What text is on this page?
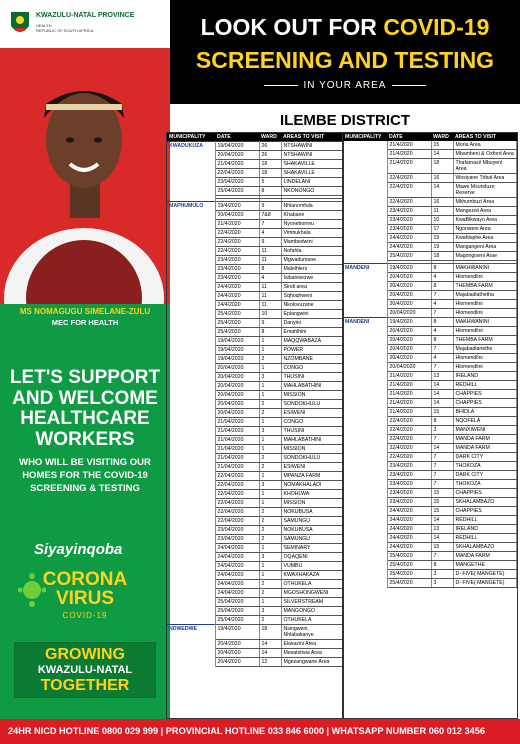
KWAZULU-NATAL PROVINCE
HEALTH
REPUBLIC OF SOUTH AFRICA
MS NOMAGUGU SIMELANE-ZULU
MEC FOR HEALTH
LET'S SUPPORT
AND WELCOME
HEALTHCARE
WORKERS
WHO WILL BE VISITING OUR
HOMES FOR THE COVID-19
SCREENING & TESTING
Siyayinqoba
CORONA
VIRUS
COVID-19
GROWING
KWAZULU-NATAL
TOGETHER
LOOK OUT FOR COVID-19
SCREENING AND TESTING
IN YOUR AREA
ILEMBE DISTRICT
MUNICIPALITY	DATE	WARD	AREAS TO VISIT
KWADUKUZA	19/04/2020	26	NTSHAWINI
	20/04/2020	26	NTSHAWINI
	21/04/2020	18	SHAKAVILLE
	22/04/2020	18	SHAKAVILLE
	23/04/2020	5	LINDELANI
	25/04/2020	8	NKONONGO

MAPHUMULO	19/4/2020	9	Nhlanomfula
	20/04/2020	7&8	Khabane
	21/4/2020	7	Nyonebomvu
	22/4/2020	4	Vimbukhala
	22/4/2020	9	Mambedwini
	22/4/2020	11	Nofahla
	23/4/2020	11	Mgwadumane
	23/4/2020	8	Malelhleni
	23/4/2020	4	Isibanisezwe
	24/4/2020	11	Sindi area
	24/4/2020	11	Sqhoqhweni
	24/4/2020	11	Nkolovuzane
	25/4/2020	10	Epiangwini
	25/4/2020	9	Danyini
	25/4/2020	8	Emahlhini
	19/04/2020	1	MAQQWABAZA
	19/04/2020	1	POWER
	19/04/2020	2	NZOMBANE
	20/04/2020	1	CONGO
	20/04/2020	3	THUSINI
	20/04/2020	1	MAHLABATHINI
	20/04/2020	1	MISSION
	20/04/2020	2	SONDOKHULU
	20/04/2020	2	ESIWENI
	21/04/2020	1	CONGO
	21/04/2020	3	THUSINI
	21/04/2020	1	MAHLABATHINI
	21/04/2020	1	MISSION
	21/04/2020	2	SONDOKHULU
	21/04/2020	2	ESIWENI
	22/04/2020	1	MPANZA FARM
	22/04/2020	3	NOMAKHALADI
	22/04/2020	1	KHOHLWA
	22/04/2020	1	MISSION
	22/04/2020	2	NOKUBUSA
	22/04/2020	2	SAMUNGU
	23/04/2020	2	NOKUBUSA
	23/04/2020	2	SAMUNGU
	24/04/2020	1	SEMINARY
	24/04/2020	3	OQAQENI
	24/04/2020	1	VUMBU
	24/04/2020	1	KWAXHAKAZA
	24/04/2020	2	OTHUKELA
	24/04/2020	2	MGOSHONGWENI
	25/04/2020	1	SILVERSTREAM
	25/04/2020	3	MANGONGO
	25/04/2020	2	OTHUKELA
NDWEDWE	19/4/2020	18	Nsingweni, Nhlabakanye
	20/4/2020	14	Ekwazini Area
	20/4/2020	14	Mesatshwa Area
	20/4/2020	12	Mgezangwane Area
MUNICIPALITY	DATE	WARD	AREAS TO VISIT
	21/4/2020	15	Mona Area
	21/4/2020	14	Mbambeni & Oxford Area
	21/4/2020	18	Thafamasi/ Mbuyeni Area
	22/4/2020	16	Wosiyane Tribal Area
	22/4/2020	14	Mawe Msunduze Reserve
	22/4/2020	16	Mkhumbuzi Area
	23/4/2020	11	Mangezwi Area
	23/4/2020	10	KwaBikwayo Area
	23/4/2020	17	Ngonweni Area
	24/4/2020	19	Kwahlophe Area
	24/4/2020	19	Mangangeni Area
	25/4/2020	18	Magongiseni Arae

MANDENI	19/4/2020	8	MAKHWANINI
	20/4/2020	4	Hlomendlini
	20/4/2020	8	THEMBA FARM
	20/4/2020	7	Majabadlathetha
	20/4/2020	4	Hlomendlini
	20/04/2020	7	Hlomendlini
MANDENI	19/4/2020	8	MAKHWANINI
	20/4/2020	4	Hlomendlini
	20/4/2020	8	THEMBA FARM
	20/4/2020	7	Majabadlanethe
	20/4/2020	4	Hlomendlini
	20/04/2020	7	Hlomendlini
	21/4/2020	13	IRELAND
	21/4/2020	14	REDHILL
	21/4/2020	14	CHAPPIES
	21/4/2020	14	CHAPPIES
	21/4/2020	15	BHIDLA
	22/4/2020	8	NQOFELA
	22/4/2020	3	MANXIWENI
	22/4/2020	7	MANDA FARM
	22/4/2020	14	MANDA FARM
	22/4/2020	7	DARK CITY
	23/4/2020	7	THOKOZA
	23/4/2020	7	DARK CITY
	23/4/2020	7	THOKOZA
	23/4/2020	15	CHAPPIES
	23/4/2020	15	SKHALAMBAZO
	24/4/2020	15	CHAPPIES
	24/4/2020	14	REDHILL
	24/4/2020	13	IRELAND
	24/4/2020	14	REDHILL
	24/4/2020	15	SKHALAMBAZO
	25/4/2020	7	MANDA FARM
	25/4/2020	8	MANGETHE
	25/4/2020	3	D- FIVE( MANGETE)
	25/4/2020	3	D- FIVE( MANGETE)
24HR NICD HOTLINE 0800 029 999 | PROVINCIAL HOTLINE 033 846 6000 | WHATSAPP NUMBER 060 012 3456
